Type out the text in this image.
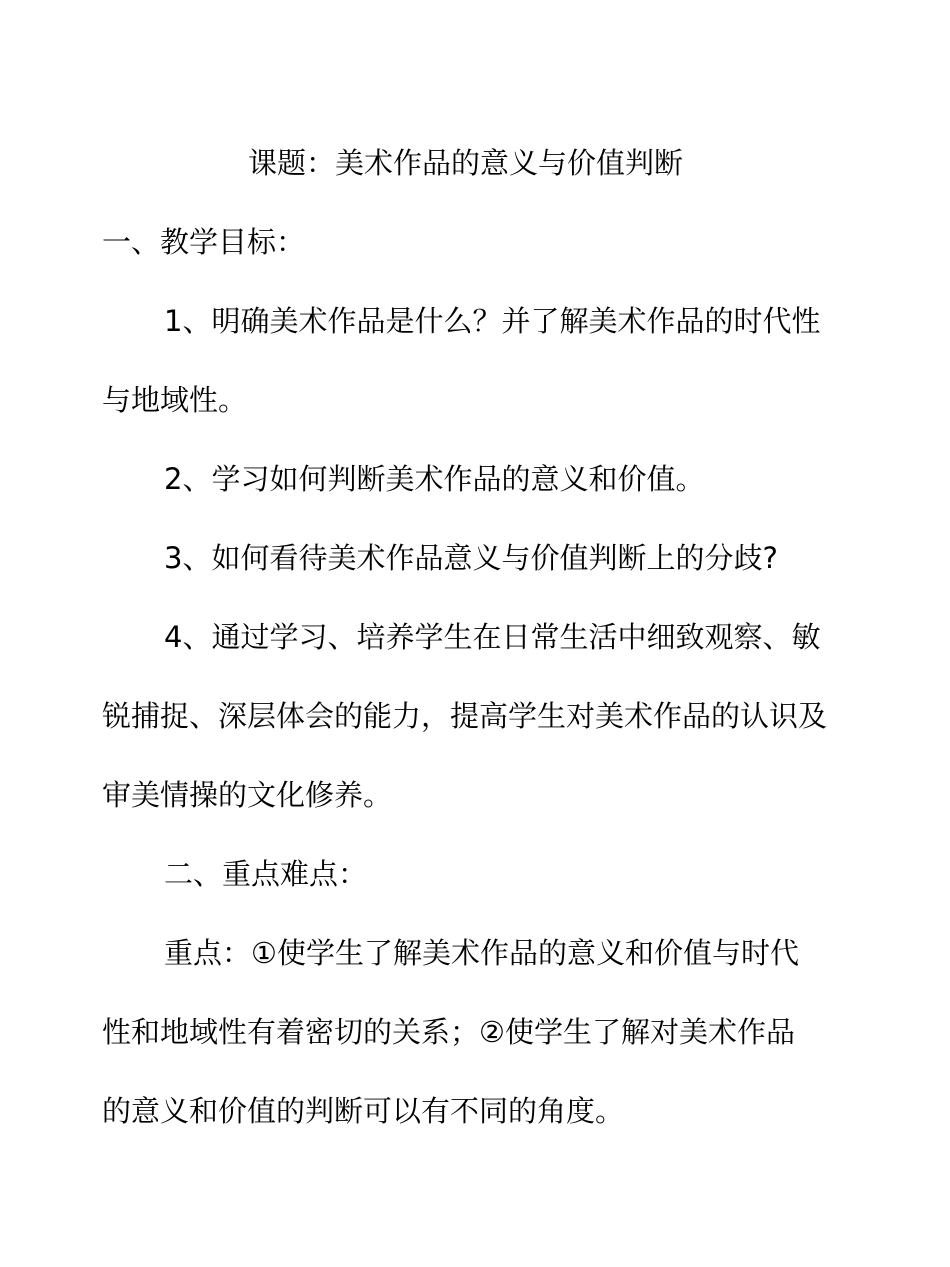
课题：美术作品的意义与价值判断
一、教学目标：
1、明确美术作品是什么？并了解美术作品的时代性
与地域性。
2、学习如何判断美术作品的意义和价值。
3、如何看待美术作品意义与价值判断上的分歧?
4、通过学习、培养学生在日常生活中细致观察、敏
锐捕捉、深层体会的能力，提高学生对美术作品的认识及
审美情操的文化修养。
二、重点难点：
重点：①使学生了解美术作品的意义和价值与时代
性和地域性有着密切的关系；②使学生了解对美术作品
的意义和价值的判断可以有不同的角度。
